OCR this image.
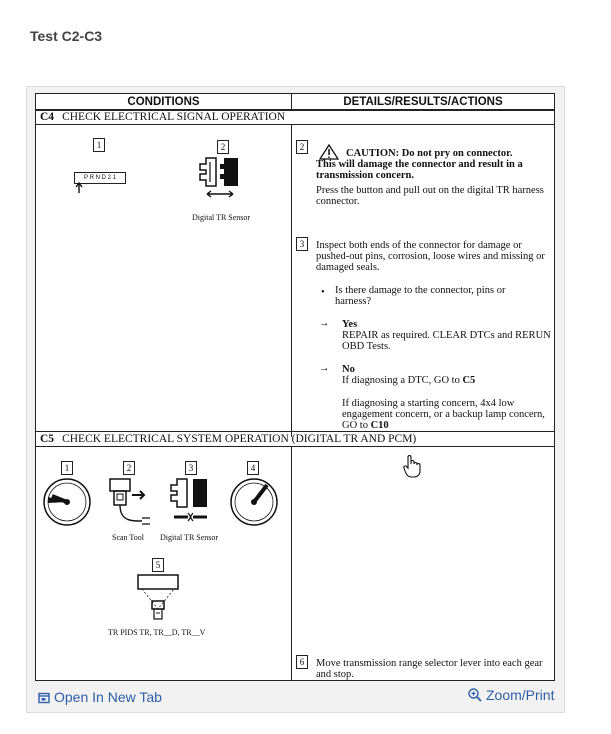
Test C2-C3
CONDITIONS	DETAILS/RESULTS/ACTIONS
C4 CHECK ELECTRICAL SIGNAL OPERATION
1	2
P R N D 2 1
Digital TR Sensor
2
CAUTION: Do not pry on connector.
This will damage the connector and result in a transmission concern.
Press the button and pull out on the digital TR harness connector.
3	Inspect both ends of the connector for damage or pushed-out pins, corrosion, loose wires and missing or damaged seals.
• Is there damage to the connector, pins or harness?
→ Yes
REPAIR as required. CLEAR DTCs and RERUN OBD Tests.
→ No
If diagnosing a DTC, GO to C5
If diagnosing a starting concern, 4x4 low engagement concern, or a backup lamp concern, GO to C10
C5 CHECK ELECTRICAL SYSTEM OPERATION (DIGITAL TR AND PCM)
1	2	3	4
Scan Tool Digital TR Sensor
5
TR PIDS TR, TR__D, TR__V
6	Move transmission range selector lever into each gear and stop.
Open In New Tab	Zoom/Print
